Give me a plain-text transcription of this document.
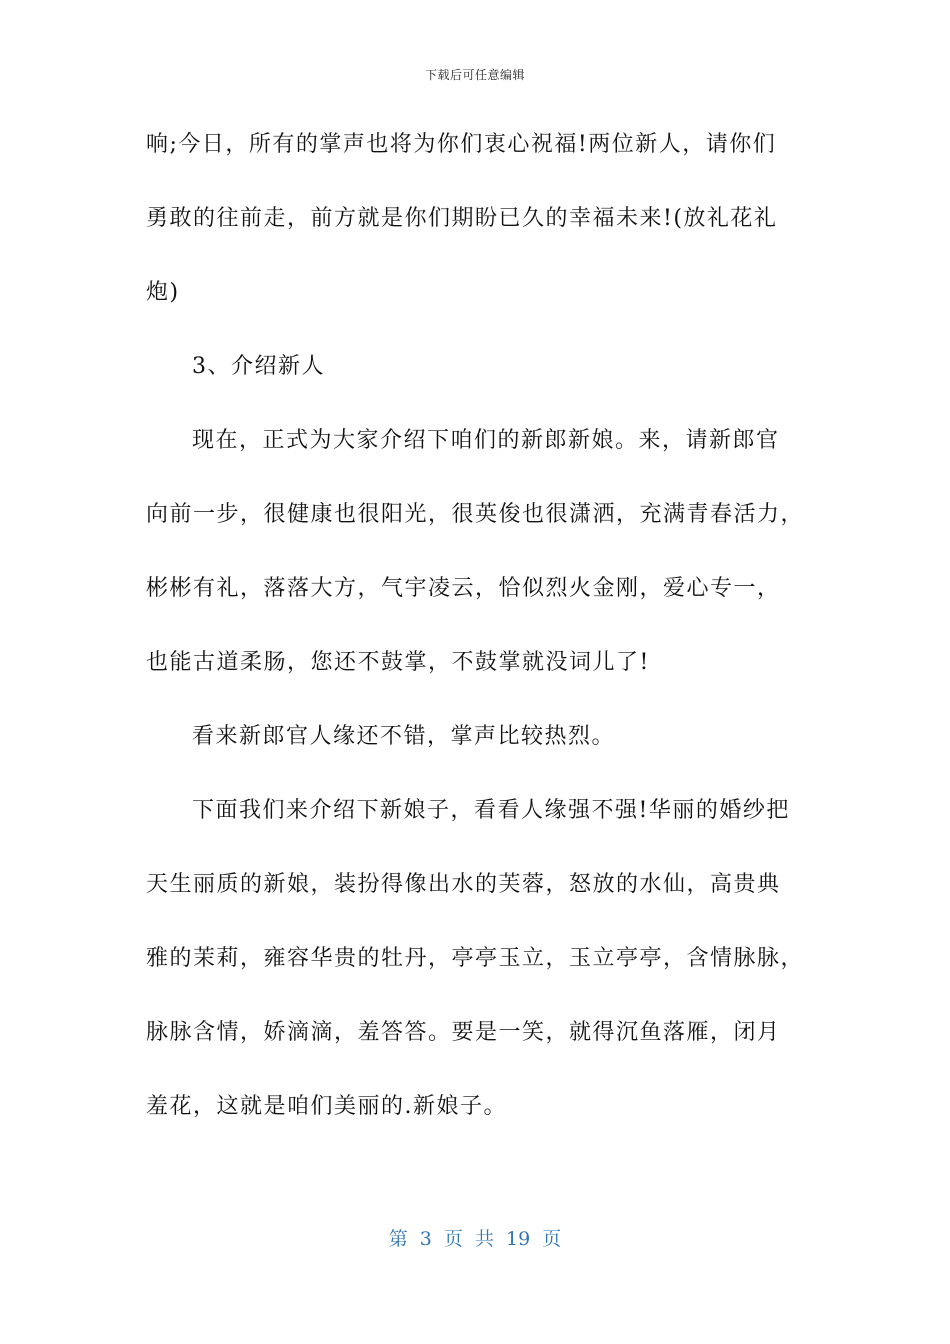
下载后可任意编辑
响;今日，所有的掌声也将为你们衷心祝福!两位新人，请你们
勇敢的往前走，前方就是你们期盼已久的幸福未来!(放礼花礼
炮)
3、介绍新人
现在，正式为大家介绍下咱们的新郎新娘。来，请新郎官
向前一步，很健康也很阳光，很英俊也很潇洒，充满青春活力，
彬彬有礼，落落大方，气宇凌云，恰似烈火金刚，爱心专一，
也能古道柔肠，您还不鼓掌，不鼓掌就没词儿了!
看来新郎官人缘还不错，掌声比较热烈。
下面我们来介绍下新娘子，看看人缘强不强!华丽的婚纱把
天生丽质的新娘，装扮得像出水的芙蓉，怒放的水仙，高贵典
雅的茉莉，雍容华贵的牡丹，亭亭玉立，玉立亭亭，含情脉脉，
脉脉含情，娇滴滴，羞答答。要是一笑，就得沉鱼落雁，闭月
羞花，这就是咱们美丽的.新娘子。
第 3 页 共 19 页
